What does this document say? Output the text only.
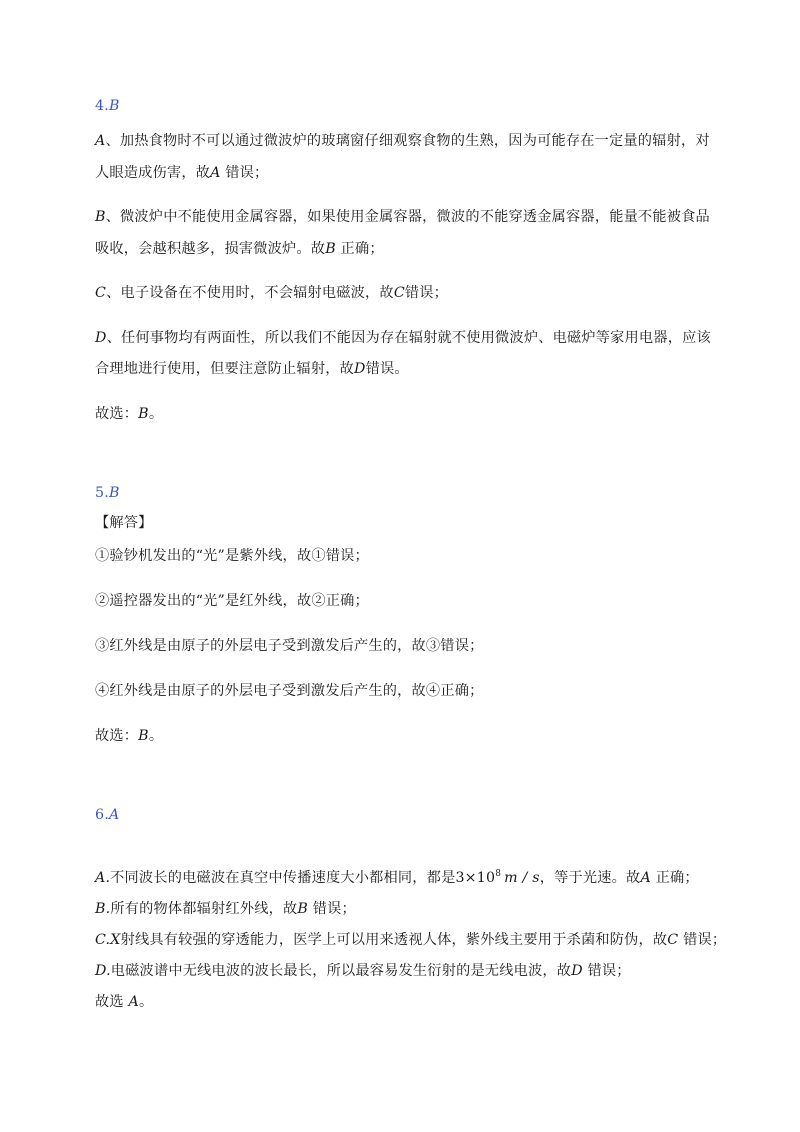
4.B
A、加热食物时不可以通过微波炉的玻璃窗仔细观察食物的生熟，因为可能存在一定量的辐射，对
人眼造成伤害，故A 错误；
B、微波炉中不能使用金属容器，如果使用金属容器，微波的不能穿透金属容器，能量不能被食品
吸收，会越积越多，损害微波炉。故B 正确；
C、电子设备在不使用时，不会辐射电磁波，故C错误；
D、任何事物均有两面性，所以我们不能因为存在辐射就不使用微波炉、电磁炉等家用电器，应该
合理地进行使用，但要注意防止辐射，故D错误。
故选：B。
5.B
【解答】
①验钞机发出的“光”是紫外线，故①错误；
②遥控器发出的“光”是红外线，故②正确；
③红外线是由原子的外层电子受到激发后产生的，故③错误；
④红外线是由原子的外层电子受到激发后产生的，故④正确；
故选：B。
6.A
A.不同波长的电磁波在真空中传播速度大小都相同，都是$3\times 10^8$ m / s，等于光速。故A 正确；
B.所有的物体都辐射红外线，故B 错误；
C.X射线具有较强的穿透能力，医学上可以用来透视人体，紫外线主要用于杀菌和防伪，故C 错误；
D.电磁波谱中无线电波的波长最长，所以最容易发生衍射的是无线电波，故D 错误；
故选 A。
